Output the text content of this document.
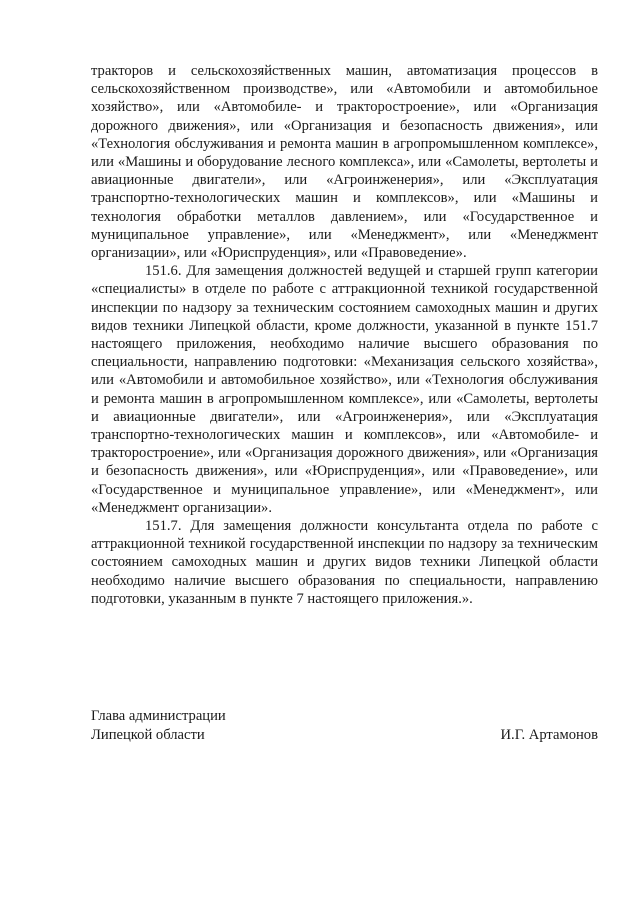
тракторов и сельскохозяйственных машин, автоматизация процессов в сельскохозяйственном производстве», или «Автомобили и автомобильное хозяйство», или «Автомобиле- и тракторостроение», или «Организация дорожного движения», или «Организация и безопасность движения», или «Технология обслуживания и ремонта машин в агропромышленном комплексе», или «Машины и оборудование лесного комплекса», или «Самолеты, вертолеты и авиационные двигатели», или «Агроинженерия», или «Эксплуатация транспортно-технологических машин и комплексов», или «Машины и технология обработки металлов давлением», или «Государственное и муниципальное управление», или «Менеджмент», или «Менеджмент организации», или «Юриспруденция», или «Правоведение».

151.6. Для замещения должностей ведущей и старшей групп категории «специалисты» в отделе по работе с аттракционной техникой государственной инспекции по надзору за техническим состоянием самоходных машин и других видов техники Липецкой области, кроме должности, указанной в пункте 151.7 настоящего приложения, необходимо наличие высшего образования по специальности, направлению подготовки: «Механизация сельского хозяйства», или «Автомобили и автомобильное хозяйство», или «Технология обслуживания и ремонта машин в агропромышленном комплексе», или «Самолеты, вертолеты и авиационные двигатели», или «Агроинженерия», или «Эксплуатация транспортно-технологических машин и комплексов», или «Автомобиле- и тракторостроение», или «Организация дорожного движения», или «Организация и безопасность движения», или «Юриспруденция», или «Правоведение», или «Государственное и муниципальное управление», или «Менеджмент», или «Менеджмент организации».

151.7. Для замещения должности консультанта отдела по работе с аттракционной техникой государственной инспекции по надзору за техническим состоянием самоходных машин и других видов техники Липецкой области необходимо наличие высшего образования по специальности, направлению подготовки, указанным в пункте 7 настоящего приложения.».

Глава администрации
Липецкой области	И.Г. Артамонов
